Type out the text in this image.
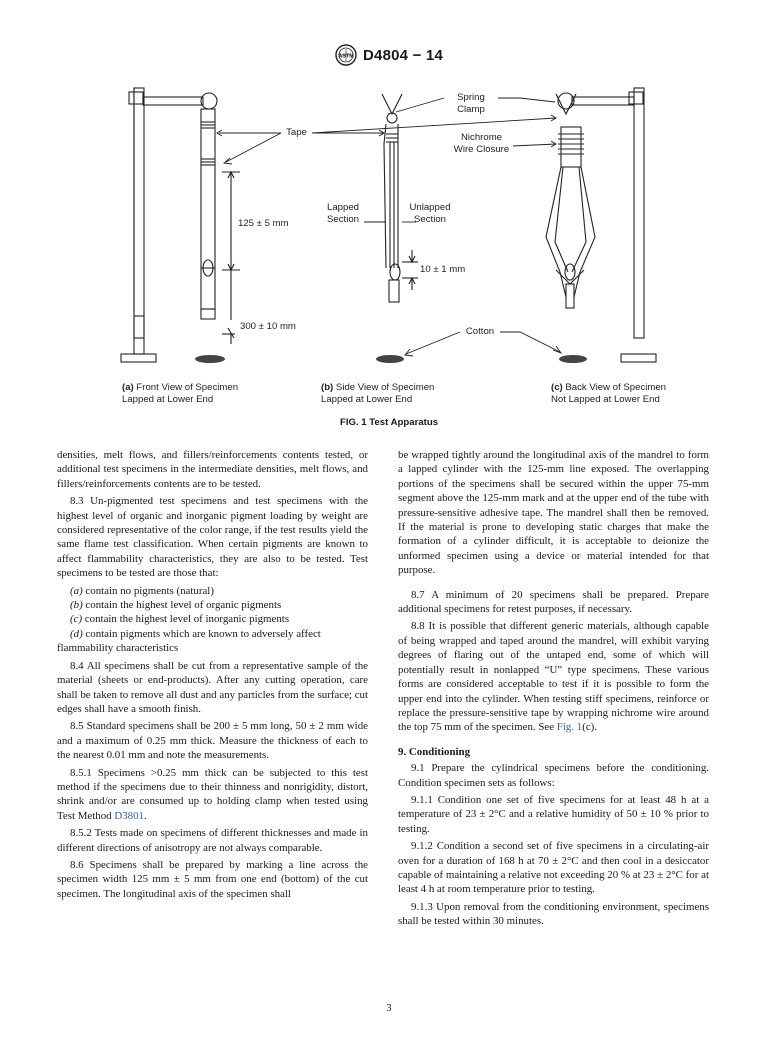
ASTM D4804 − 14
Spring
Clamp
Tape	Nichrome
Wire Closure
125 ± 5 mm
Lapped
Section
Unlapped
Section
10 ± 1 mm
300 ± 10 mm	Cotton
(a) Front View of Specimen
Lapped at Lower End
(b) Side View of Specimen
Lapped at Lower End
(c) Back View of Specimen
Not Lapped at Lower End
FIG. 1 Test Apparatus

densities, melt flows, and fillers/reinforcements contents tested, or additional test specimens in the intermediate densities, melt flows, and fillers/reinforcements contents are to be tested.

8.3 Un-pigmented test specimens and test specimens with the highest level of organic and inorganic pigment loading by weight are considered representative of the color range, if the test results yield the same flame test classification. When certain pigments are known to affect flammability characteristics, they are also to be tested. Test specimens to be tested are those that:

(a) contain no pigments (natural)

(b) contain the highest level of organic pigments

(c) contain the highest level of inorganic pigments

(d) contain pigments which are known to adversely affect

flammability characteristics

8.4 All specimens shall be cut from a representative sample of the material (sheets or end-products). After any cutting operation, care shall be taken to remove all dust and any particles from the surface; cut edges shall have a smooth finish.

8.5 Standard specimens shall be 200 ± 5 mm long, 50 ± 2 mm wide and a maximum of 0.25 mm thick. Measure the thickness of each to the nearest 0.01 mm and note the measurements.

8.5.1 Specimens >0.25 mm thick can be subjected to this test method if the specimens due to their thinness and nonrigidity, distort, shrink and/or are consumed up to holding clamp when tested using Test Method D3801.

8.5.2 Tests made on specimens of different thicknesses and made in different directions of anisotropy are not always comparable.

8.6 Specimens shall be prepared by marking a line across the specimen width 125 mm ± 5 mm from one end (bottom) of the cut specimen. The longitudinal axis of the specimen shall

be wrapped tightly around the longitudinal axis of the mandrel to form a lapped cylinder with the 125-mm line exposed. The overlapping portions of the specimens shall be secured within the upper 75-mm segment above the 125-mm mark and at the upper end of the tube with pressure-sensitive adhesive tape. The mandrel shall then be removed. If the material is prone to developing static charges that make the formation of a cylinder difficult, it is acceptable to deionize the unformed specimen using a device or material intended for that purpose.

8.7 A minimum of 20 specimens shall be prepared. Prepare additional specimens for retest purposes, if necessary.

8.8 It is possible that different generic materials, although capable of being wrapped and taped around the mandrel, will exhibit varying degrees of flaring out of the untaped end, some of which will potentially result in nonlapped “U” type specimens. These various forms are considered acceptable to test if it is possible to form the upper end into the cylinder. When testing stiff specimens, reinforce or replace the pressure-sensitive tape by wrapping nichrome wire around the top 75 mm of the specimen. See Fig. 1(c).

9. Conditioning

9.1 Prepare the cylindrical specimens before the conditioning. Condition specimen sets as follows:

9.1.1 Condition one set of five specimens for at least 48 h at a temperature of 23 ± 2°C and a relative humidity of 50 ± 10 % prior to testing.

9.1.2 Condition a second set of five specimens in a circulating-air oven for a duration of 168 h at 70 ± 2°C and then cool in a desiccator capable of maintaining a relative not exceeding 20 % at 23 ± 2°C for at least 4 h at room temperature prior to testing.

9.1.3 Upon removal from the conditioning environment, specimens shall be tested within 30 minutes.

3
